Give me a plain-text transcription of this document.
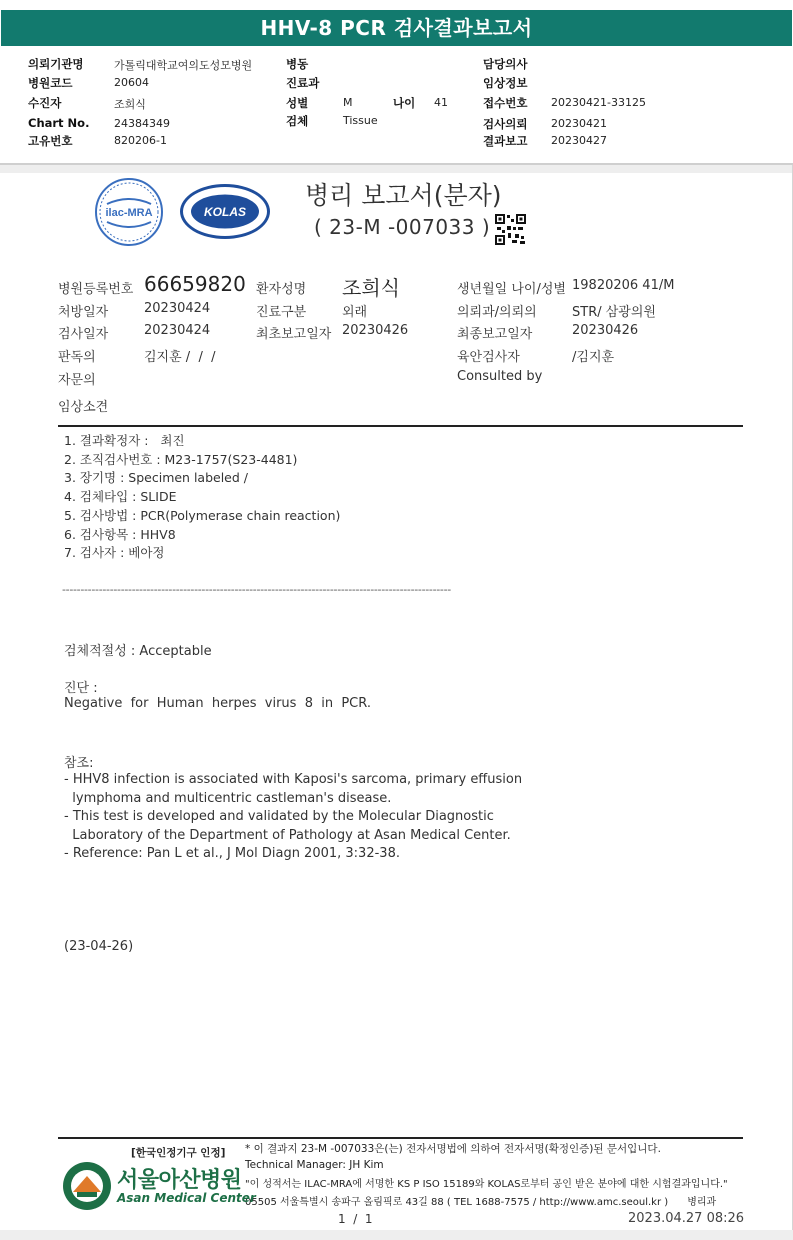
HHV-8 PCR 검사결과보고서
의뢰기관명	가톨릭대학교여의도성모병원
병원코드	20604
수진자	조희식
Chart No. 24384349
고유번호	820206-1
병동
진료과
성별	M	나이 41
검체	Tissue
담당의사
임상정보
접수번호 20230421-33125
검사의뢰 20230421
결과보고 20230427
ilac-MRA	KOLAS
병리 보고서(분자)
( 23-M -007033 )
병원등록번호 66659820 환자성명 조희식	생년월일 나이/성별 19820206 41/M
처방일자	20230424	진료구분	외래	의뢰과/의뢰의	STR/ 삼광의원
검사일자	20230424	최초보고일자 20230426	최종보고일자	20230426
판독의	김지훈 /  /  /	육안검사자	/김지훈
자문의	Consulted by
임상소견
1. 결과확정자 :   최진
2. 조직검사번호 : M23-1757(S23-4481)
3. 장기명 : Specimen labeled /
4. 검체타입 : SLIDE
5. 검사방법 : PCR(Polymerase chain reaction)
6. 검사항목 : HHV8
7. 검사자 : 베아정
----------------------------------------------------------------------------------------------------------
검체적절성 : Acceptable
진단 :
Negative  for  Human  herpes  virus  8  in  PCR.
참조:
- HHV8 infection is associated with Kaposi's sarcoma, primary effusion
lymphoma and multicentric castleman's disease.
- This test is developed and validated by the Molecular Diagnostic
Laboratory of the Department of Pathology at Asan Medical Center.
- Reference: Pan L et al., J Mol Diagn 2001, 3:32-38.
(23-04-26)
[한국인정기구 인정] * 이 결과지 23-M -007033은(는) 전자서명법에 의하여 전자서명(확정인증)된 문서입니다.
Technical Manager: JH Kim
"이 성적서는 ILAC-MRA에 서명한 KS P ISO 15189와 KOLAS로부터 공인 받은 분야에 대한 시험결과입니다."
05505 서울특별시 송파구 올림픽로 43길 88 ( TEL 1688-7575 / http://www.amc.seoul.kr )      병리과
서울아산병원
Asan Medical Center
1  /  1	2023.04.27 08:26
